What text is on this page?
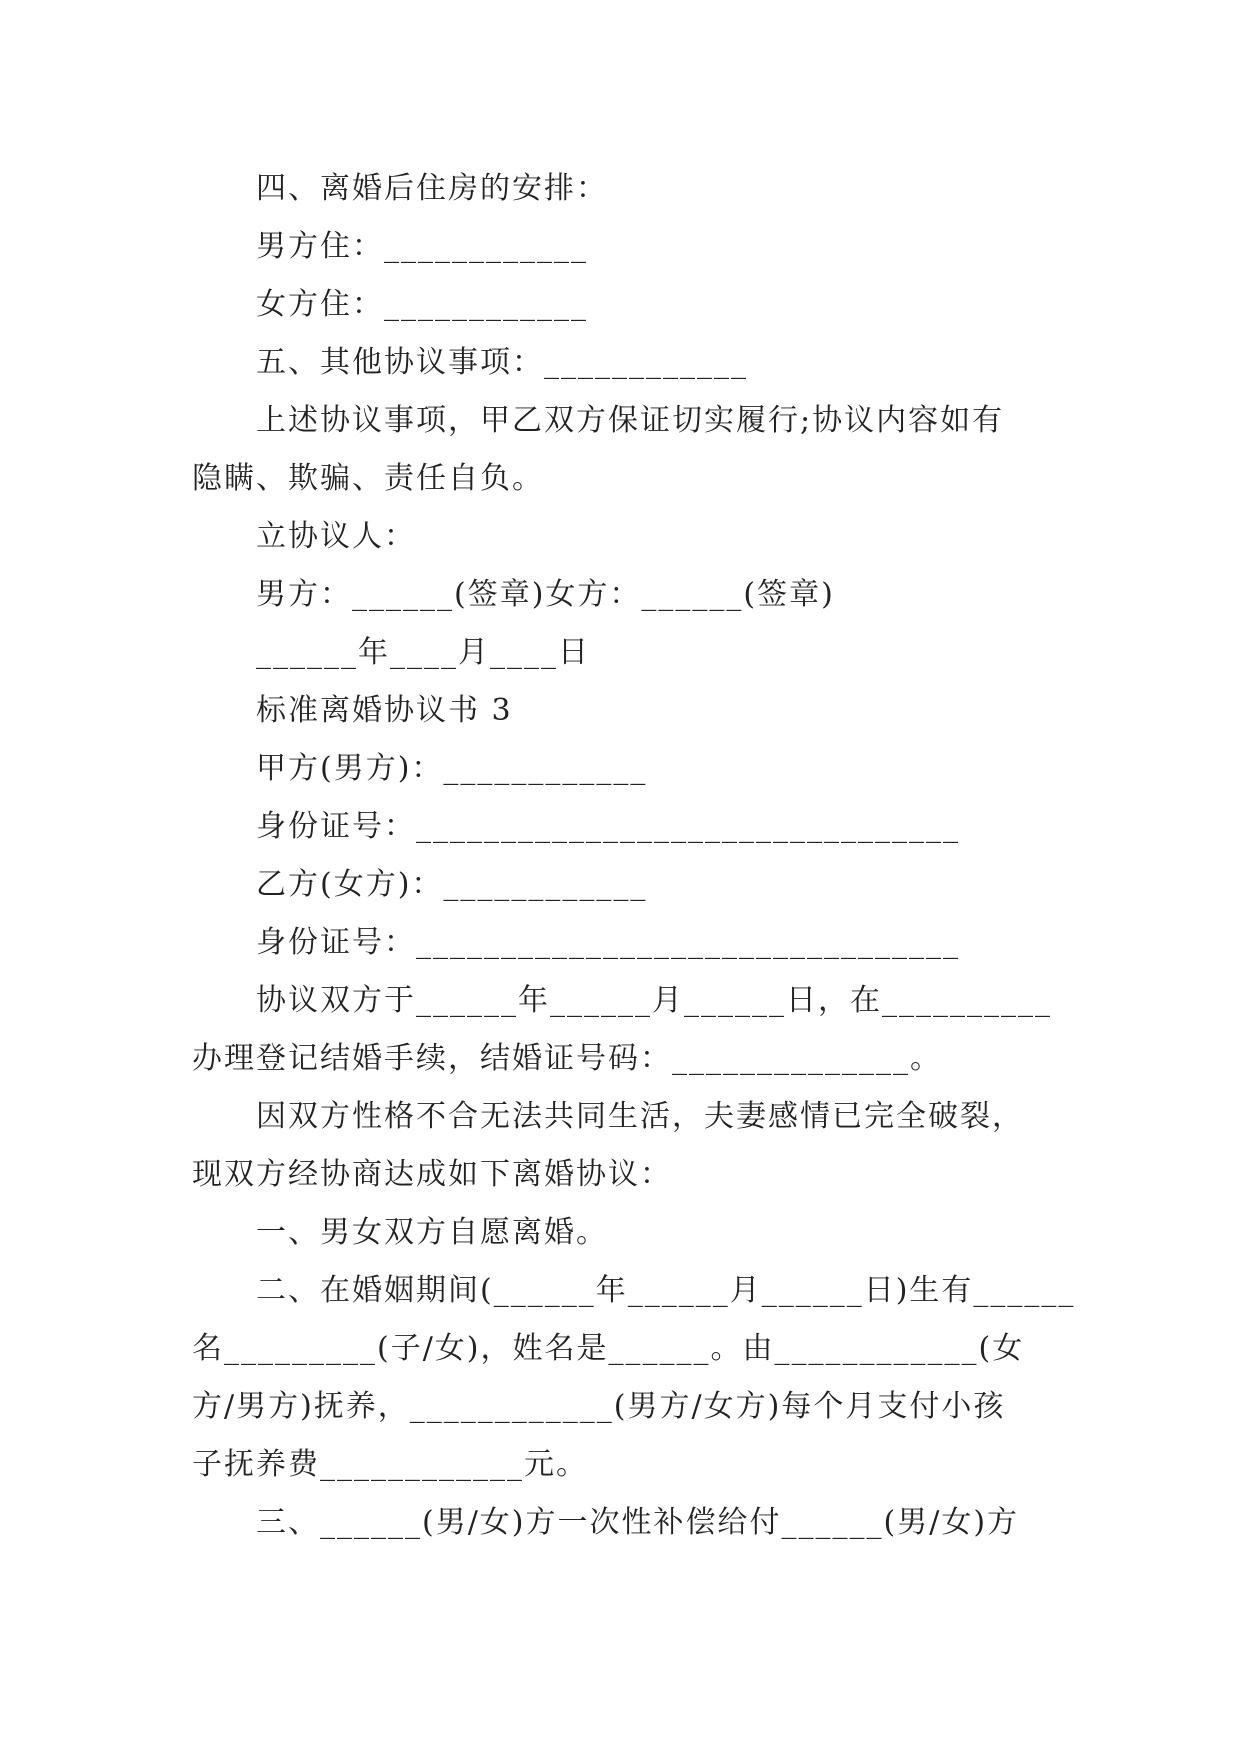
四、离婚后住房的安排：
男方住：____________
女方住：____________
五、其他协议事项：____________
上述协议事项，甲乙双方保证切实履行;协议内容如有
隐瞒、欺骗、责任自负。
立协议人：
男方：______(签章)女方：______(签章)
______年____月____日
标准离婚协议书 3
甲方(男方)：____________
身份证号：________________________________
乙方(女方)：____________
身份证号：________________________________
协议双方于______年______月______日，在__________
办理登记结婚手续，结婚证号码：______________。
因双方性格不合无法共同生活，夫妻感情已完全破裂，
现双方经协商达成如下离婚协议：
一、男女双方自愿离婚。
二、在婚姻期间(______年______月______日)生有______
名_________(子/女)，姓名是______。由____________(女
方/男方)抚养，____________(男方/女方)每个月支付小孩
子抚养费____________元。
三、______(男/女)方一次性补偿给付______(男/女)方
